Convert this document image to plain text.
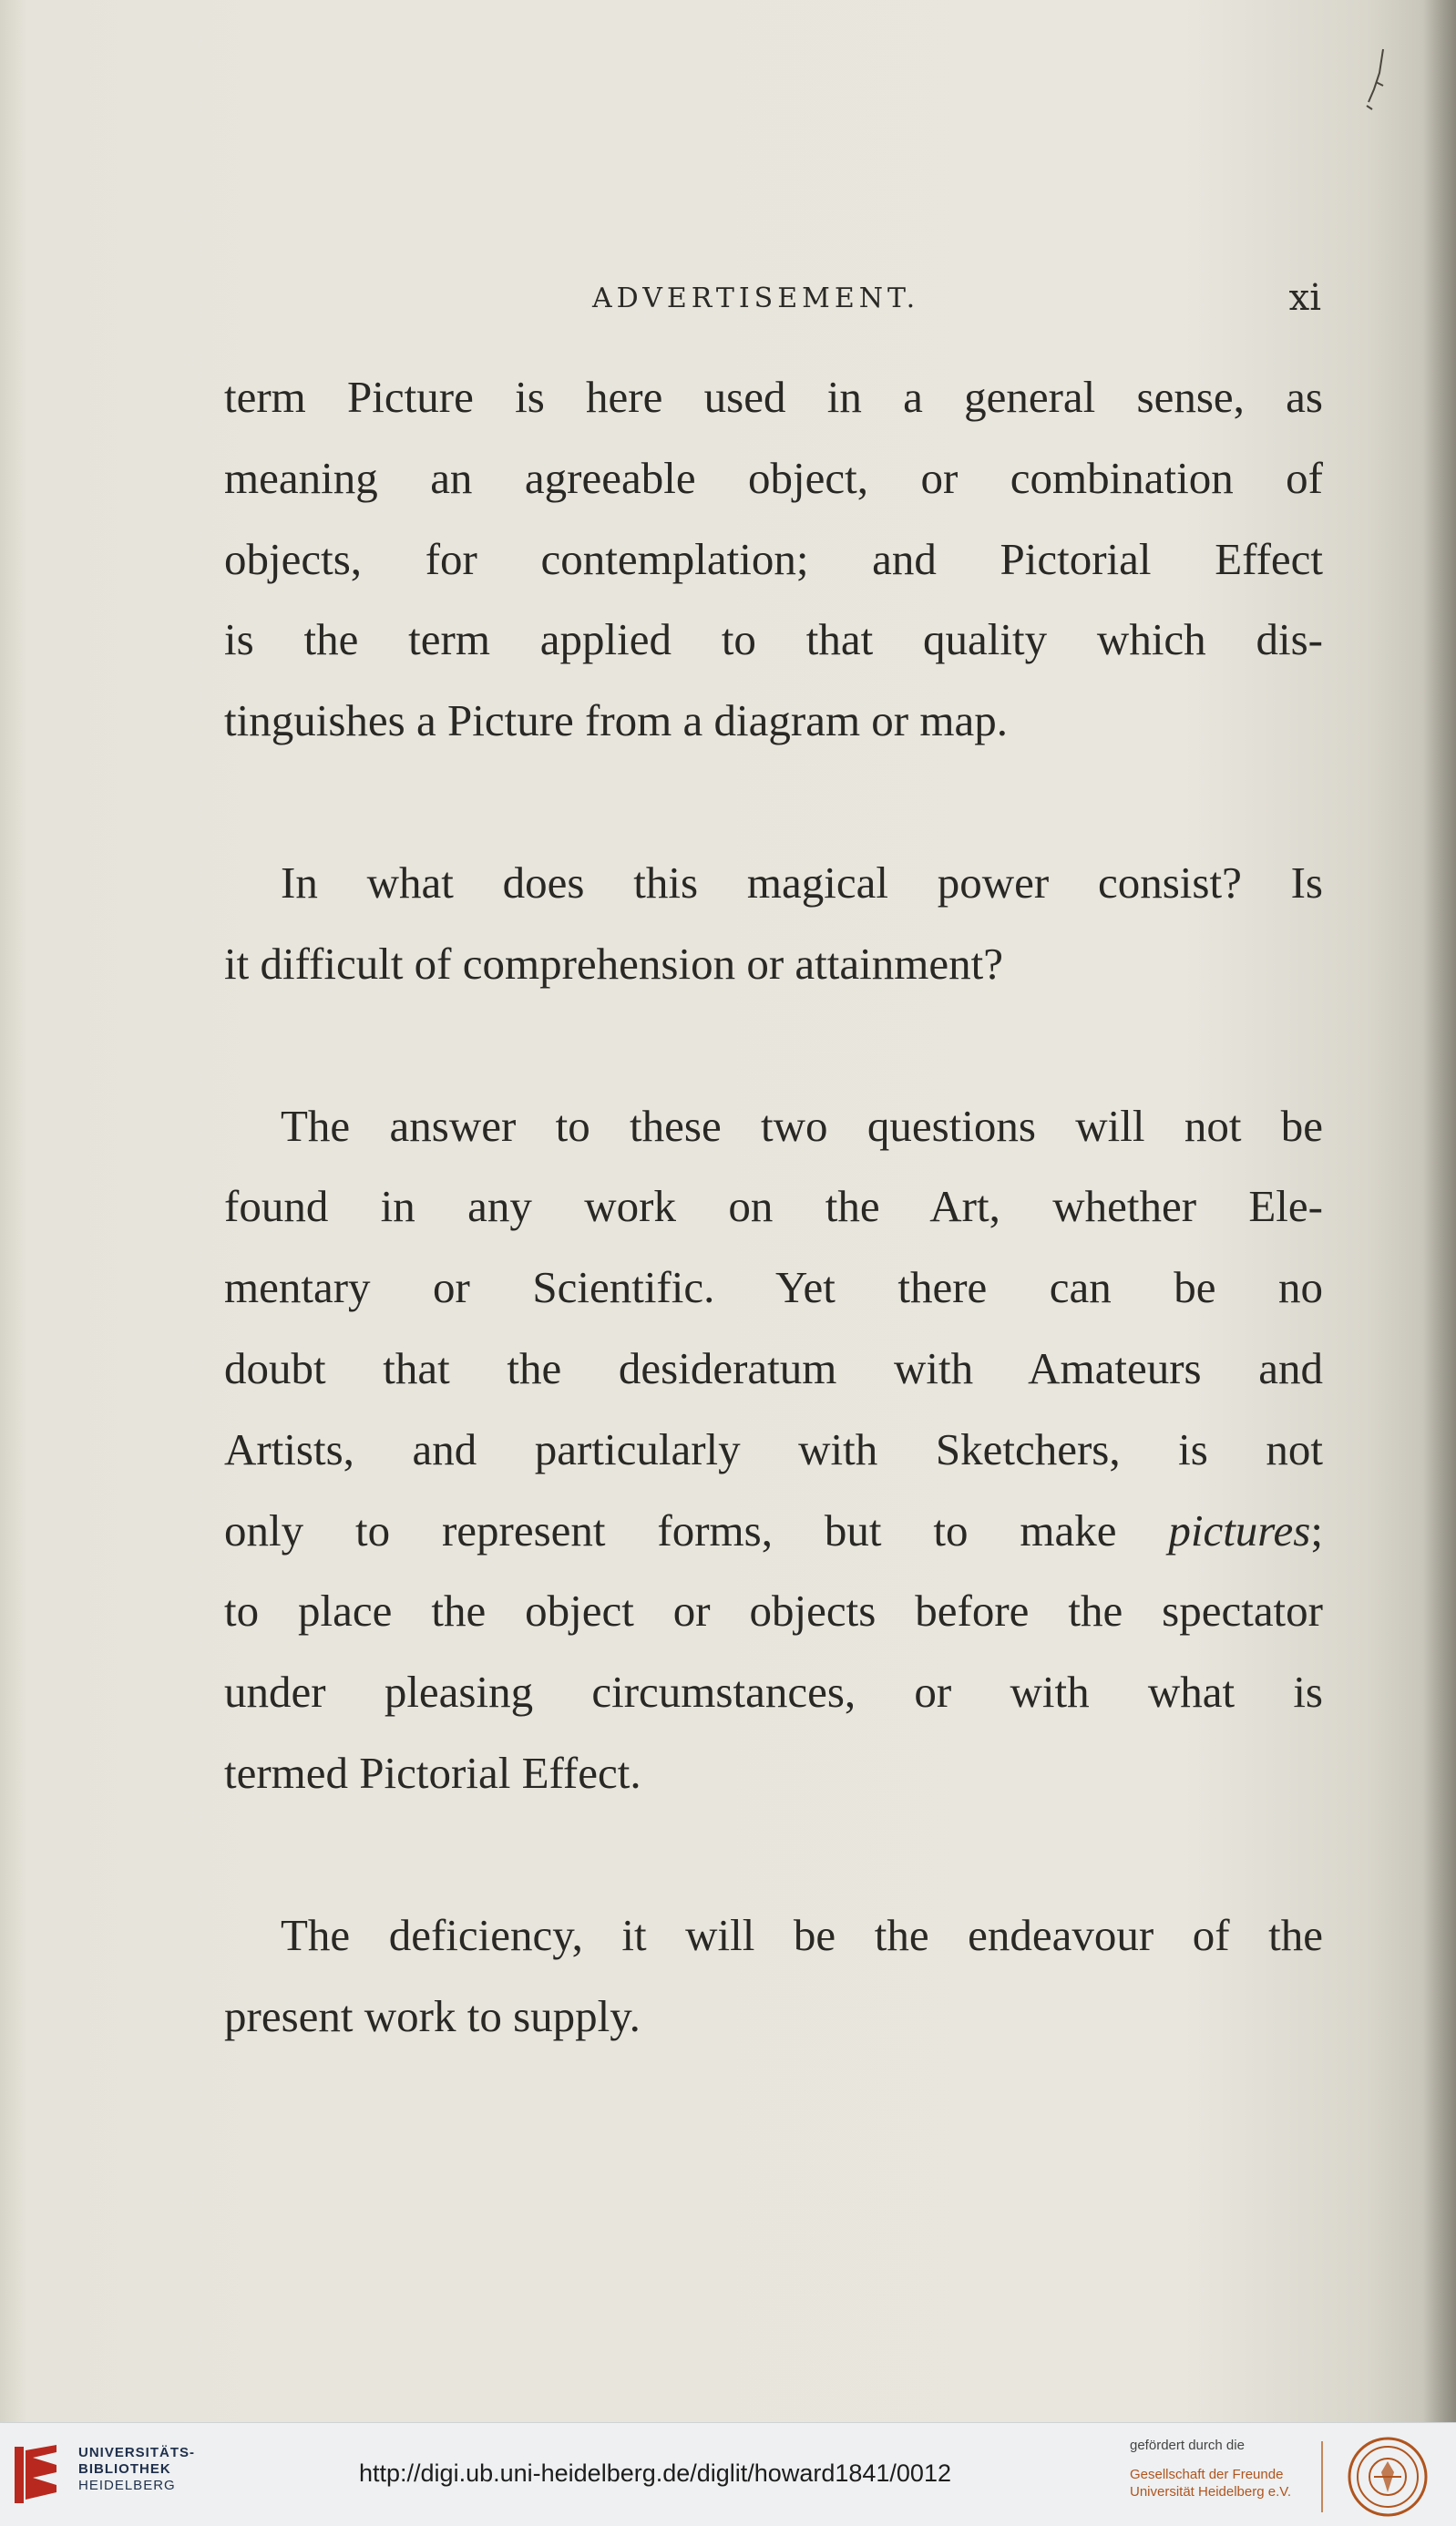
ADVERTISEMENT.	xi

term Picture is here used in a general sense, as
meaning an agreeable object, or combination of
objects, for contemplation; and Pictorial Effect
is the term applied to that quality which dis-
tinguishes a Picture from a diagram or map.

In what does this magical power consist? Is
it difficult of comprehension or attainment?

The answer to these two questions will not be
found in any work on the Art, whether Ele-
mentary or Scientific. Yet there can be no
doubt that the desideratum with Amateurs and
Artists, and particularly with Sketchers, is not
only to represent forms, but to make pictures;
to place the object or objects before the spectator
under pleasing circumstances, or with what is
termed Pictorial Effect.

The deficiency, it will be the endeavour of the
present work to supply.

UNIVERSITÄTS-
BIBLIOTHEK
HEIDELBERG	http://digi.ub.uni-heidelberg.de/diglit/howard1841/0012
gefördert durch die
Gesellschaft der Freunde
Universität Heidelberg e.V.
